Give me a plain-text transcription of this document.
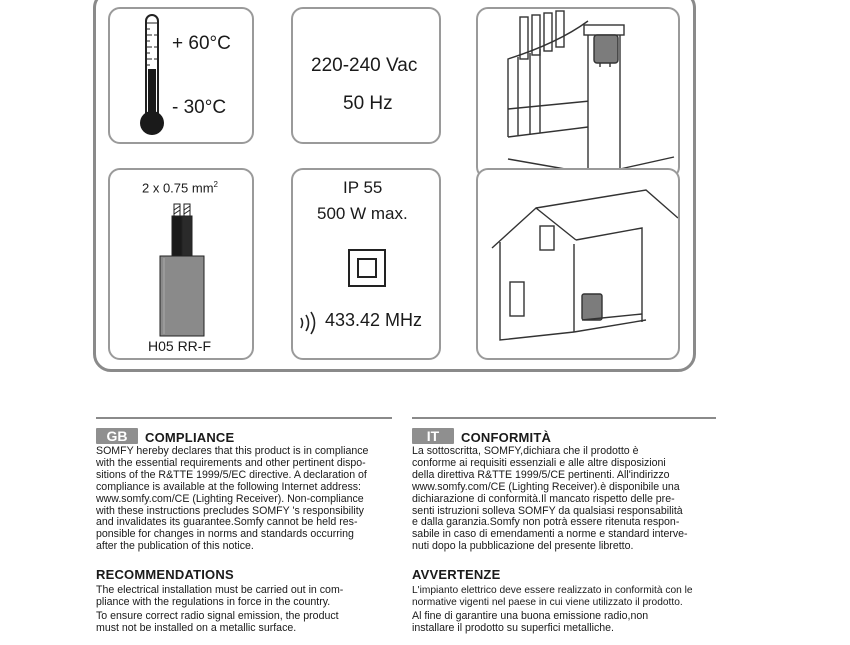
+ 60°C
- 30°C
220-240 Vac
50 Hz
2 x 0.75 $mm^2$
H05 RR-F
IP 55
500 W max.
433.42 MHz
GB	COMPLIANCE
SOMFY hereby declares that this product is in compliance
with the essential requirements and other pertinent dispo-
sitions of the R&TTE 1999/5/EC directive. A declaration of
compliance is available at the following Internet address:
www.somfy.com/CE (Lighting Receiver). Non-compliance
with these instructions precludes SOMFY 's responsibility
and invalidates its guarantee.Somfy cannot be held res-
ponsible for changes in norms and standards occurring
after the publication of this notice.
RECOMMENDATIONS
The electrical installation must be carried out in com-
pliance with the regulations in force in the country.
To ensure correct radio signal emission, the product
must not be installed on a metallic surface.
IT	CONFORMITÀ
La sottoscritta, SOMFY,dichiara che il prodotto è
conforme ai requisiti essenziali e alle altre disposizioni
della direttiva R&TTE 1999/5/CE pertinenti. All'indirizzo
www.somfy.com/CE (Lighting Receiver).è disponibile una
dichiarazione di conformità.Il mancato rispetto delle pre-
senti istruzioni solleva SOMFY da qualsiasi responsabilità
e dalla garanzia.Somfy non potrà essere ritenuta respon-
sabile in caso di emendamenti a norme e standard interve-
nuti dopo la pubblicazione del presente libretto.
AVVERTENZE
L'impianto elettrico deve essere realizzato in conformità con le
normative vigenti nel paese in cui viene utilizzato il prodotto.
Al fine di garantire una buona emissione radio,non
installare il prodotto su superfici metalliche.
